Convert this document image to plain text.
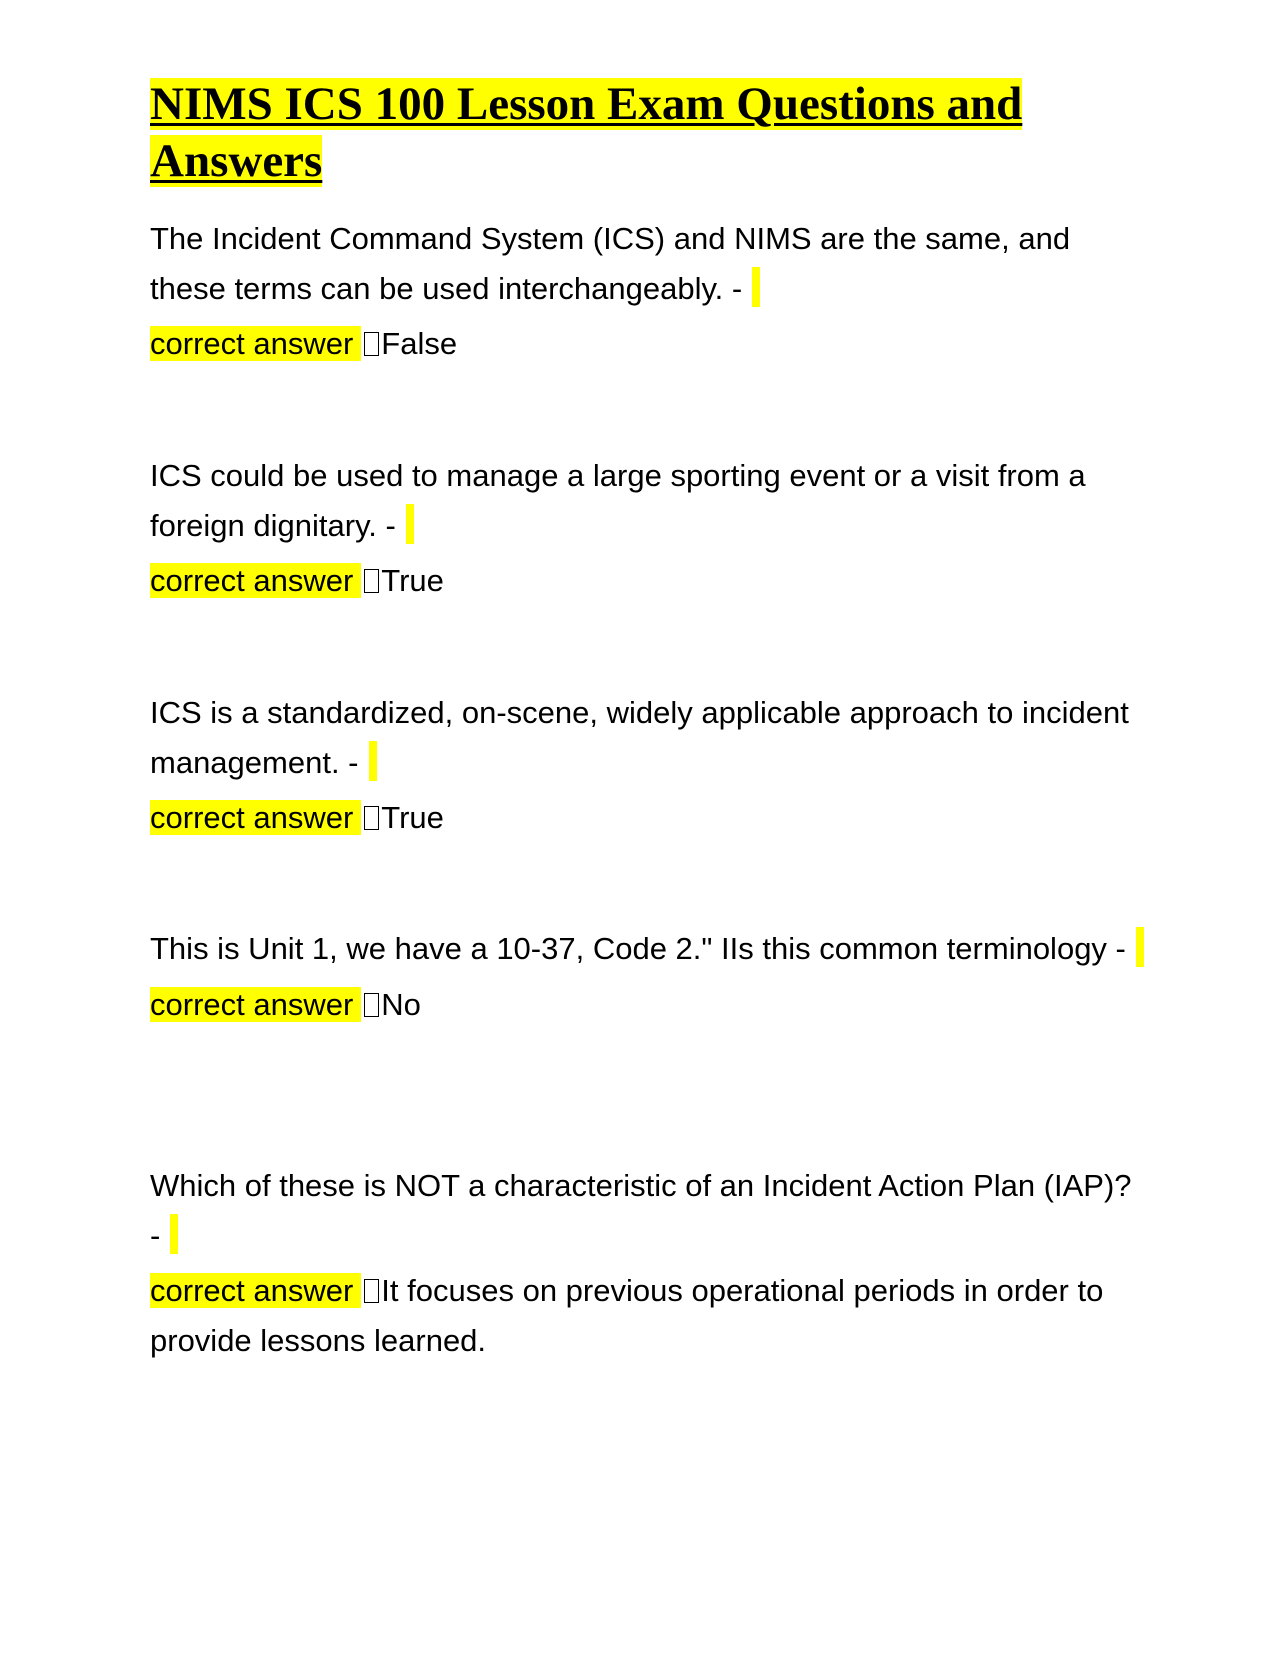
NIMS ICS 100 Lesson Exam Questions and Answers

The Incident Command System (ICS) and NIMS are the same, and these terms can be used interchangeably. -

correct answer False

ICS could be used to manage a large sporting event or a visit from a foreign dignitary. -

correct answer True

ICS is a standardized, on-scene, widely applicable approach to incident management. -

correct answer True

This is Unit 1, we have a 10-37, Code 2." IIs this common terminology -

correct answer No

Which of these is NOT a characteristic of an Incident Action Plan (IAP)? -

correct answer It focuses on previous operational periods in order to provide lessons learned.
